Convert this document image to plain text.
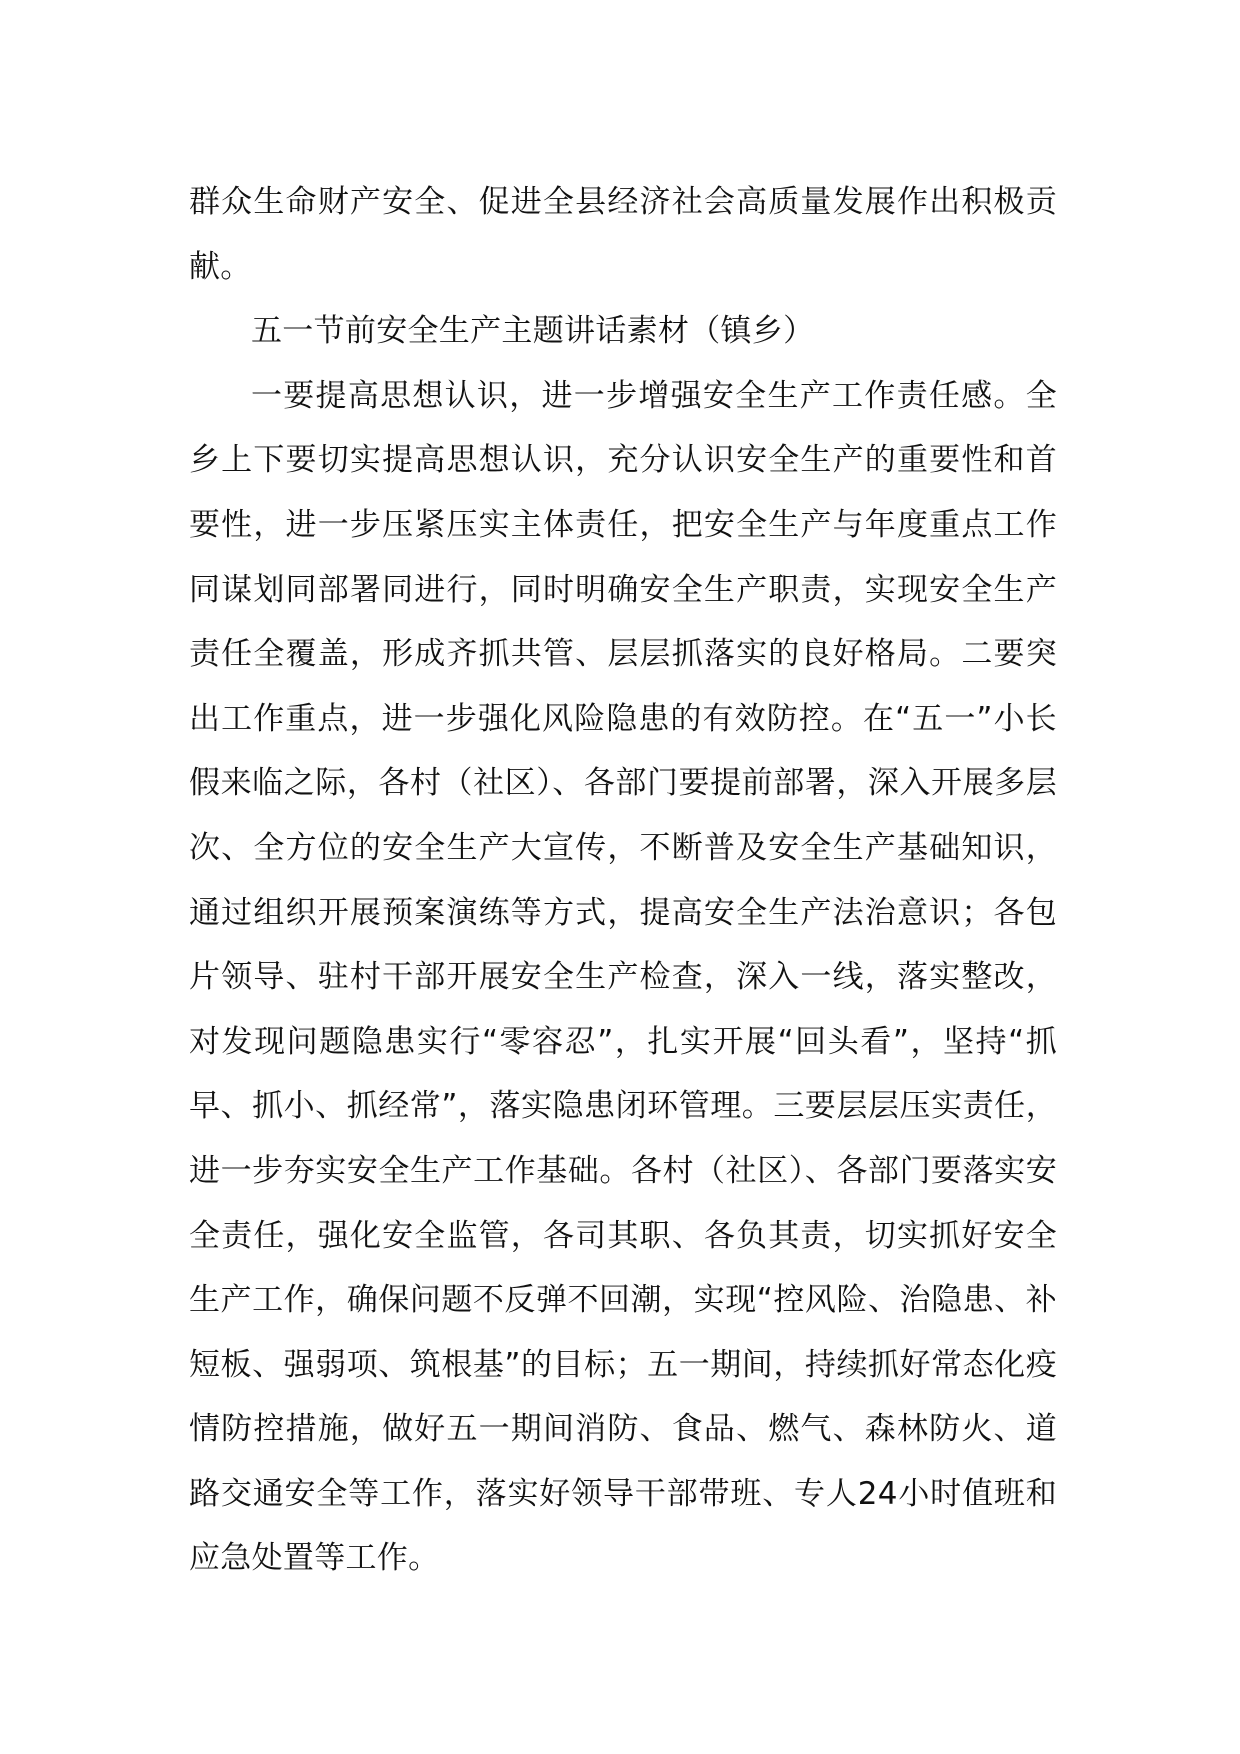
群众生命财产安全、促进全县经济社会高质量发展作出积极贡献。

五一节前安全生产主题讲话素材（镇乡）

一要提高思想认识，进一步增强安全生产工作责任感。全乡上下要切实提高思想认识，充分认识安全生产的重要性和首要性，进一步压紧压实主体责任，把安全生产与年度重点工作同谋划同部署同进行，同时明确安全生产职责，实现安全生产责任全覆盖，形成齐抓共管、层层抓落实的良好格局。二要突出工作重点，进一步强化风险隐患的有效防控。在“五一”小长假来临之际，各村（社区）、各部门要提前部署，深入开展多层次、全方位的安全生产大宣传，不断普及安全生产基础知识，通过组织开展预案演练等方式，提高安全生产法治意识；各包片领导、驻村干部开展安全生产检查，深入一线，落实整改，对发现问题隐患实行“零容忍”，扎实开展“回头看”，坚持“抓早、抓小、抓经常”，落实隐患闭环管理。三要层层压实责任，进一步夯实安全生产工作基础。各村（社区）、各部门要落实安全责任，强化安全监管，各司其职、各负其责，切实抓好安全生产工作，确保问题不反弹不回潮，实现“控风险、治隐患、补短板、强弱项、筑根基”的目标；五一期间，持续抓好常态化疫情防控措施，做好五一期间消防、食品、燃气、森林防火、道路交通安全等工作，落实好领导干部带班、专人24小时值班和应急处置等工作。
